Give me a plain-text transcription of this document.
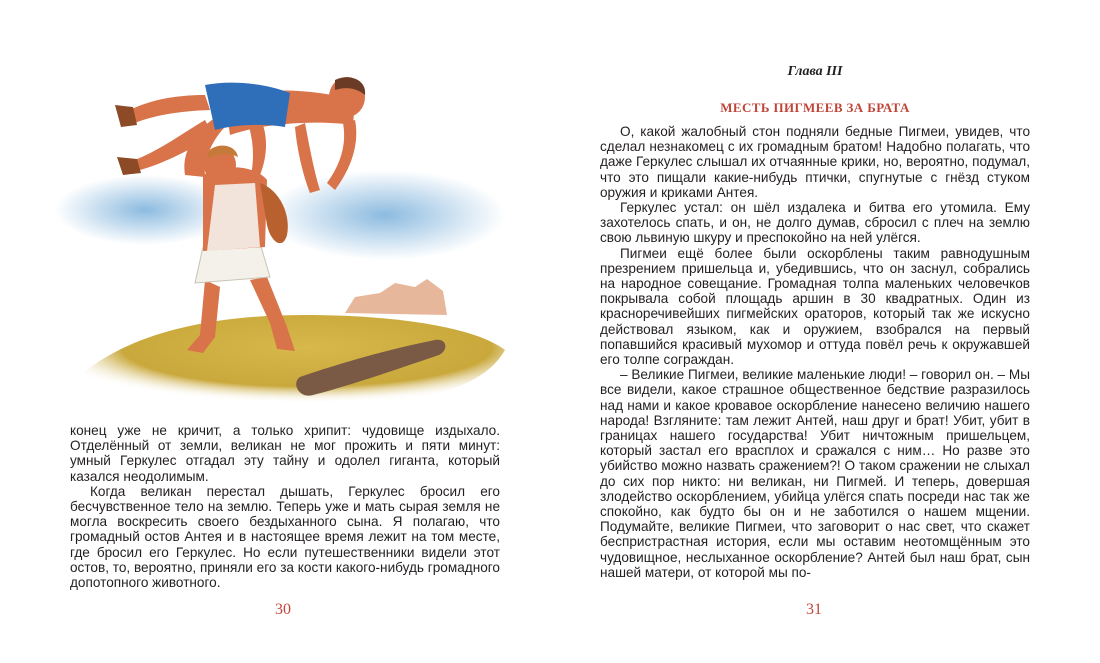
конец уже не кричит, а только хрипит: чудовище издыхало. Отделённый от земли, великан не мог прожить и пяти минут: умный Геркулес отгадал эту тайну и одолел гиганта, который казался неодолимым.

Когда великан перестал дышать, Геркулес бросил его бесчувственное тело на землю. Теперь уже и мать сырая земля не могла воскресить своего бездыханного сына. Я полагаю, что громадный остов Антея и в настоящее время лежит на том месте, где бросил его Геркулес. Но если путешественники видели этот остов, то, вероятно, приняли его за кости какого-нибудь громадного допотопного животного.

30
Глава III
МЕСТЬ ПИГМЕЕВ ЗА БРАТА

О, какой жалобный стон подняли бедные Пигмеи, увидев, что сделал незнакомец с их громадным братом! Надобно полагать, что даже Геркулес слышал их отчаянные крики, но, вероятно, подумал, что это пищали какие-нибудь птички, спугнутые с гнёзд стуком оружия и криками Антея.

Геркулес устал: он шёл издалека и битва его утомила. Ему захотелось спать, и он, не долго думав, сбросил с плеч на землю свою львиную шкуру и преспокойно на ней улёгся.

Пигмеи ещё более были оскорблены таким равнодушным презрением пришельца и, убедившись, что он заснул, собрались на народное совещание. Громадная толпа маленьких человечков покрывала собой площадь аршин в 30 квадратных. Один из красноречивейших пигмейских ораторов, который так же искусно действовал языком, как и оружием, взобрался на первый попавшийся красивый мухомор и оттуда повёл речь к окружавшей его толпе сограждан.

– Великие Пигмеи, великие маленькие люди! – говорил он. – Мы все видели, какое страшное общественное бедствие разразилось над нами и какое кровавое оскорбление нанесено величию нашего народа! Взгляните: там лежит Антей, наш друг и брат! Убит, убит в границах нашего государства! Убит ничтожным пришельцем, который застал его врасплох и сражался с ним… Но разве это убийство можно назвать сражением?! О таком сражении не слыхал до сих пор никто: ни великан, ни Пигмей. И теперь, довершая злодейство оскорблением, убийца улёгся спать посреди нас так же спокойно, как будто бы он и не заботился о нашем мщении. Подумайте, великие Пигмеи, что заговорит о нас свет, что скажет беспристрастная история, если мы оставим неотомщённым это чудовищное, неслыханное оскорбление? Антей был наш брат, сын нашей матери, от которой мы по-

31
